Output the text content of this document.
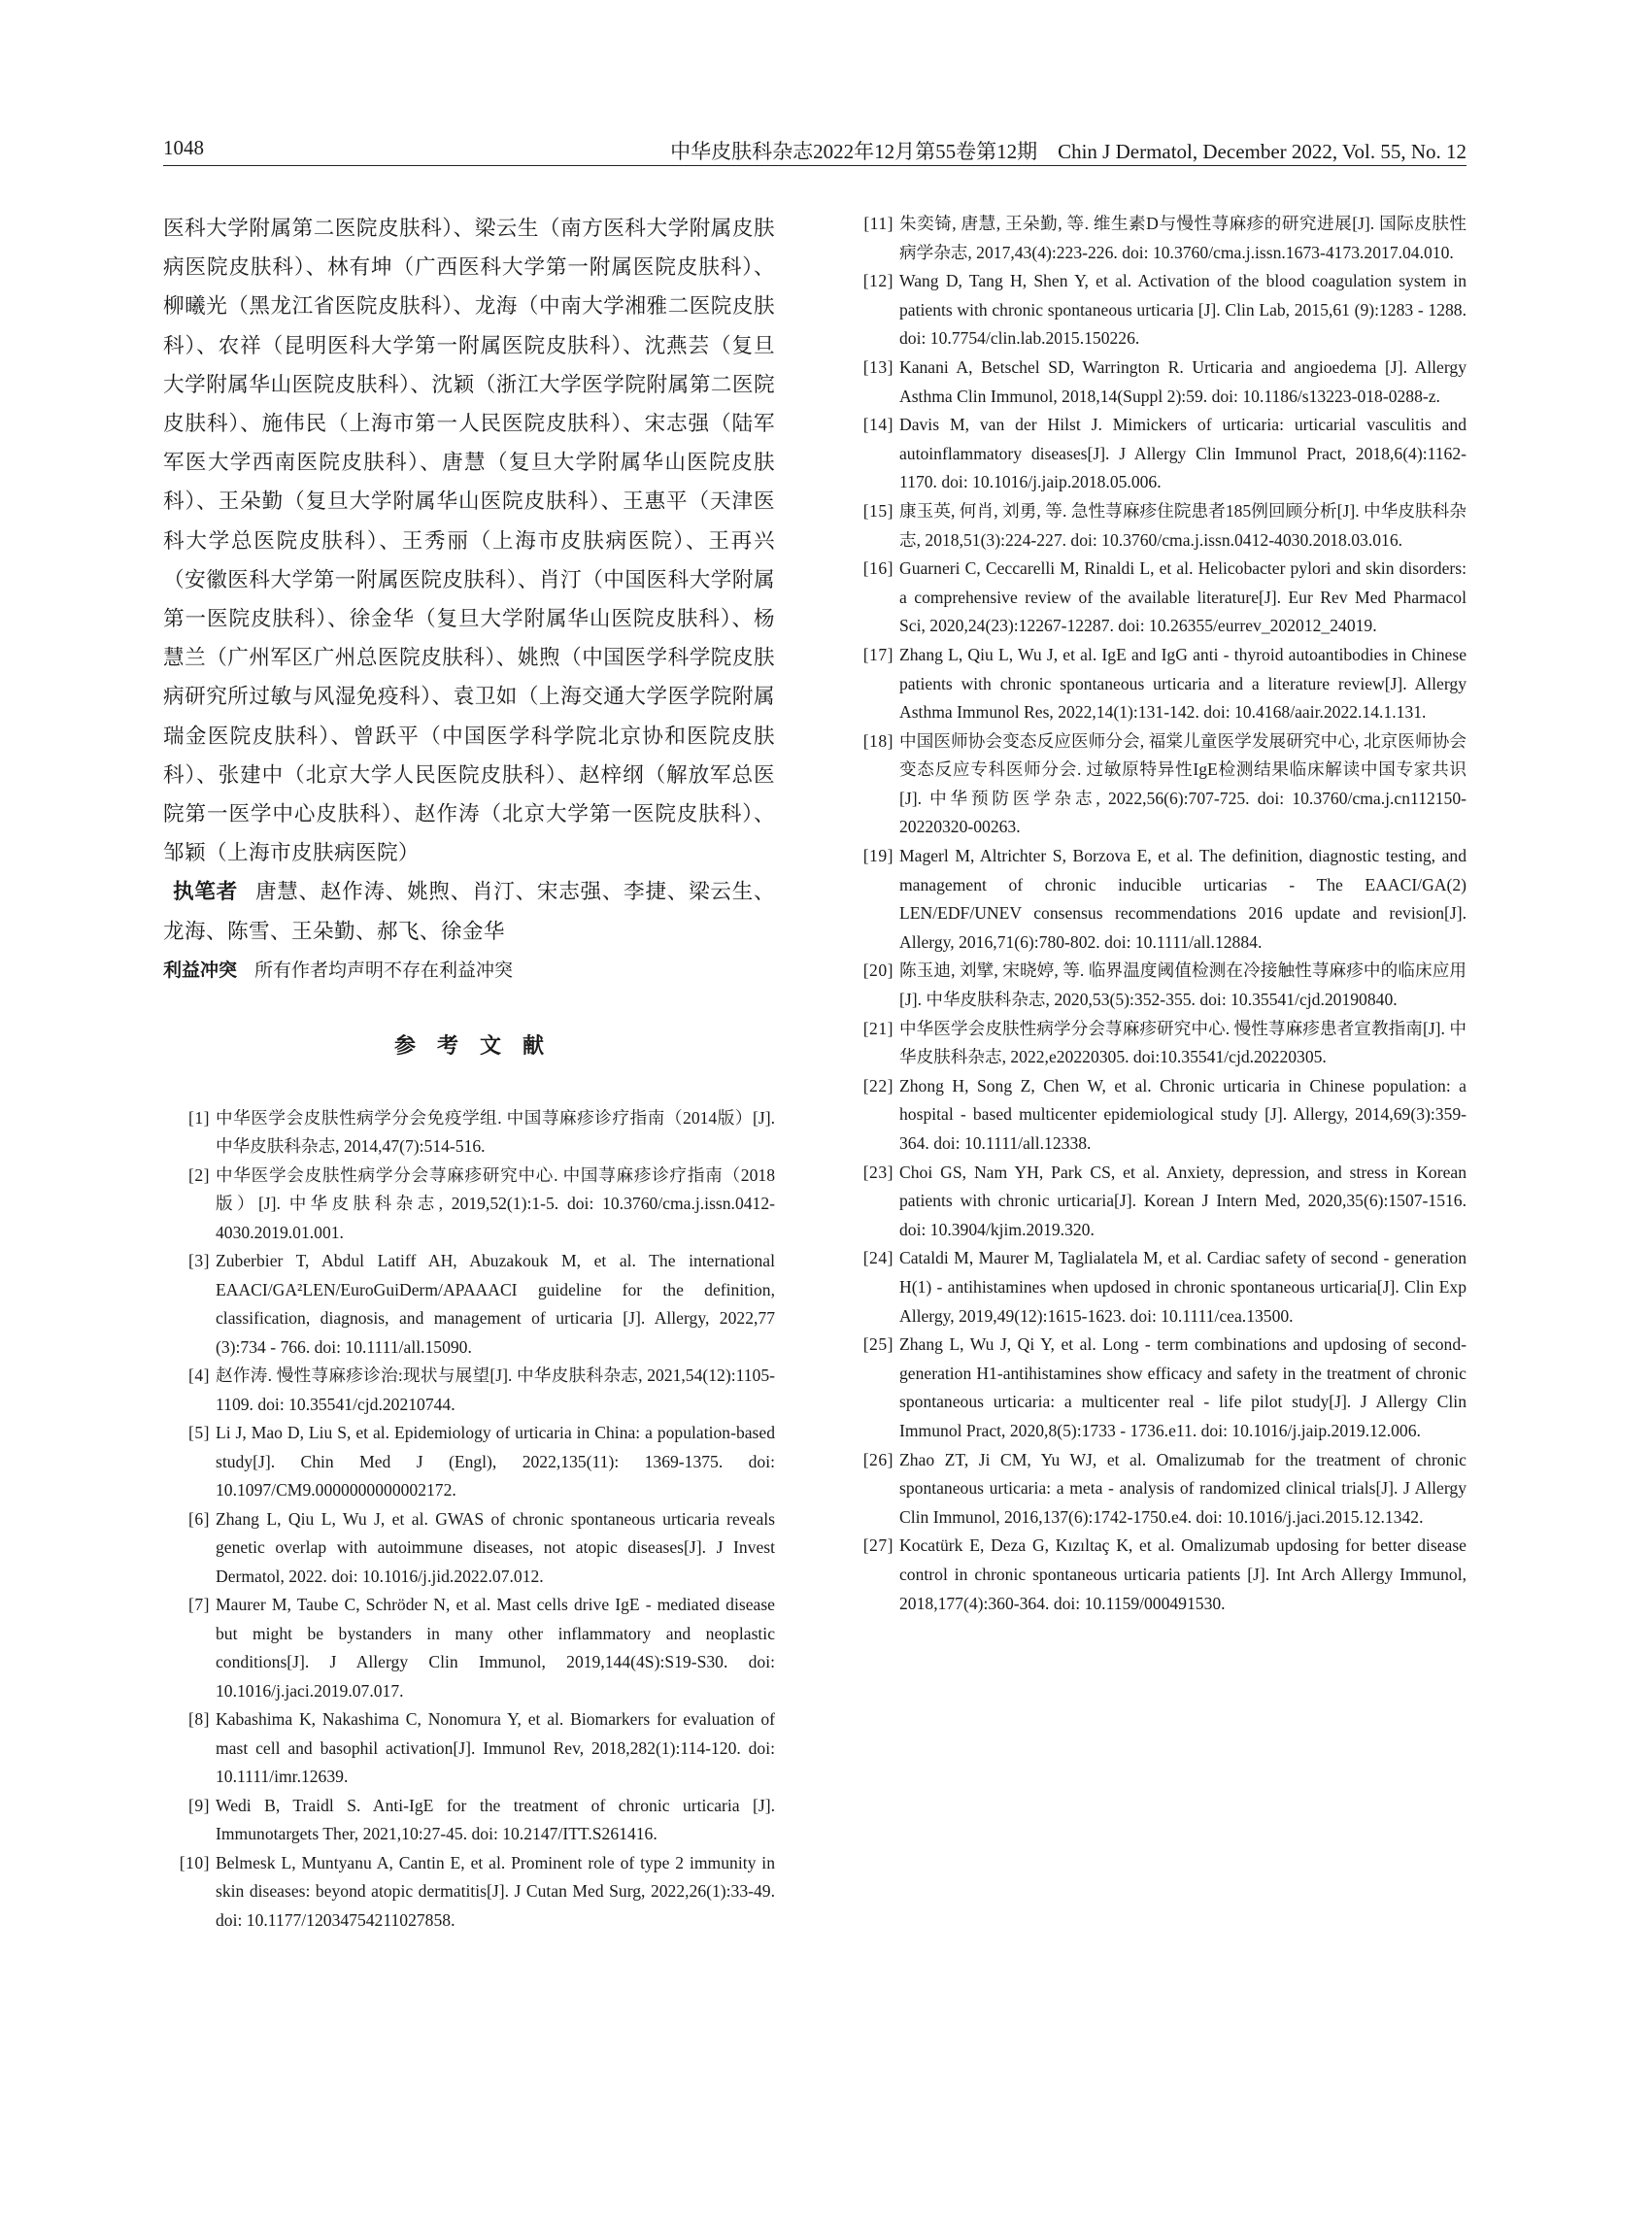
1048	中华皮肤科杂志2022年12月第55卷第12期　Chin J Dermatol, December 2022, Vol. 55, No. 12

医科大学附属第二医院皮肤科）、梁云生（南方医科大学附属皮肤病医院皮肤科）、林有坤（广西医科大学第一附属医院皮肤科）、柳曦光（黑龙江省医院皮肤科）、龙海（中南大学湘雅二医院皮肤科）、农祥（昆明医科大学第一附属医院皮肤科）、沈燕芸（复旦大学附属华山医院皮肤科）、沈颖（浙江大学医学院附属第二医院皮肤科）、施伟民（上海市第一人民医院皮肤科）、宋志强（陆军军医大学西南医院皮肤科）、唐慧（复旦大学附属华山医院皮肤科）、王朵勤（复旦大学附属华山医院皮肤科）、王惠平（天津医科大学总医院皮肤科）、王秀丽（上海市皮肤病医院）、王再兴（安徽医科大学第一附属医院皮肤科）、肖汀（中国医科大学附属第一医院皮肤科）、徐金华（复旦大学附属华山医院皮肤科）、杨慧兰（广州军区广州总医院皮肤科）、姚煦（中国医学科学院皮肤病研究所过敏与风湿免疫科）、袁卫如（上海交通大学医学院附属瑞金医院皮肤科）、曾跃平（中国医学科学院北京协和医院皮肤科）、张建中（北京大学人民医院皮肤科）、赵梓纲（解放军总医院第一医学中心皮肤科）、赵作涛（北京大学第一医院皮肤科）、邹颖（上海市皮肤病医院）

执笔者 唐慧、赵作涛、姚煦、肖汀、宋志强、李捷、梁云生、龙海、陈雪、王朵勤、郝飞、徐金华

利益冲突 所有作者均声明不存在利益冲突

参考文献
[1] 中华医学会皮肤性病学分会免疫学组. 中国荨麻疹诊疗指南（2014版）[J]. 中华皮肤科杂志, 2014,47(7):514-516.
[2] 中华医学会皮肤性病学分会荨麻疹研究中心. 中国荨麻疹诊疗指南（2018版）[J]. 中华皮肤科杂志, 2019,52(1):1-5. doi: 10.3760/cma.j.issn.0412-4030.2019.01.001.
[3] Zuberbier T, Abdul Latiff AH, Abuzakouk M, et al. The international EAACI/GA²LEN/EuroGuiDerm/APAAACI guideline for the definition, classification, diagnosis, and management of urticaria [J]. Allergy, 2022,77 (3):734 - 766. doi: 10.1111/all.15090.
[4] 赵作涛. 慢性荨麻疹诊治:现状与展望[J]. 中华皮肤科杂志, 2021,54(12):1105-1109. doi: 10.35541/cjd.20210744.
[5] Li J, Mao D, Liu S, et al. Epidemiology of urticaria in China: a population-based study[J]. Chin Med J (Engl), 2022,135(11): 1369-1375. doi: 10.1097/CM9.0000000000002172.
[6] Zhang L, Qiu L, Wu J, et al. GWAS of chronic spontaneous urticaria reveals genetic overlap with autoimmune diseases, not atopic diseases[J]. J Invest Dermatol, 2022. doi: 10.1016/j.jid.2022.07.012.
[7] Maurer M, Taube C, Schröder N, et al. Mast cells drive IgE - mediated disease but might be bystanders in many other inflammatory and neoplastic conditions[J]. J Allergy Clin Immunol, 2019,144(4S):S19-S30. doi: 10.1016/j.jaci.2019.07.017.
[8] Kabashima K, Nakashima C, Nonomura Y, et al. Biomarkers for evaluation of mast cell and basophil activation[J]. Immunol Rev, 2018,282(1):114-120. doi: 10.1111/imr.12639.
[9] Wedi B, Traidl S. Anti-IgE for the treatment of chronic urticaria [J]. Immunotargets Ther, 2021,10:27-45. doi: 10.2147/ITT.S261416.
[10] Belmesk L, Muntyanu A, Cantin E, et al. Prominent role of type 2 immunity in skin diseases: beyond atopic dermatitis[J]. J Cutan Med Surg, 2022,26(1):33-49. doi: 10.1177/12034754211027858.
[11] 朱奕锜, 唐慧, 王朵勤, 等. 维生素D与慢性荨麻疹的研究进展[J]. 国际皮肤性病学杂志, 2017,43(4):223-226. doi: 10.3760/cma.j.issn.1673-4173.2017.04.010.
[12] Wang D, Tang H, Shen Y, et al. Activation of the blood coagulation system in patients with chronic spontaneous urticaria [J]. Clin Lab, 2015,61 (9):1283 - 1288. doi: 10.7754/clin.lab.2015.150226.
[13] Kanani A, Betschel SD, Warrington R. Urticaria and angioedema [J]. Allergy Asthma Clin Immunol, 2018,14(Suppl 2):59. doi: 10.1186/s13223-018-0288-z.
[14] Davis M, van der Hilst J. Mimickers of urticaria: urticarial vasculitis and autoinflammatory diseases[J]. J Allergy Clin Immunol Pract, 2018,6(4):1162-1170. doi: 10.1016/j.jaip.2018.05.006.
[15] 康玉英, 何肖, 刘勇, 等. 急性荨麻疹住院患者185例回顾分析[J]. 中华皮肤科杂志, 2018,51(3):224-227. doi: 10.3760/cma.j.issn.0412-4030.2018.03.016.
[16] Guarneri C, Ceccarelli M, Rinaldi L, et al. Helicobacter pylori and skin disorders: a comprehensive review of the available literature[J]. Eur Rev Med Pharmacol Sci, 2020,24(23):12267-12287. doi: 10.26355/eurrev_202012_24019.
[17] Zhang L, Qiu L, Wu J, et al. IgE and IgG anti - thyroid autoantibodies in Chinese patients with chronic spontaneous urticaria and a literature review[J]. Allergy Asthma Immunol Res, 2022,14(1):131-142. doi: 10.4168/aair.2022.14.1.131.
[18] 中国医师协会变态反应医师分会, 福棠儿童医学发展研究中心, 北京医师协会变态反应专科医师分会. 过敏原特异性IgE检测结果临床解读中国专家共识[J]. 中华预防医学杂志, 2022,56(6):707-725. doi: 10.3760/cma.j.cn112150-20220320-00263.
[19] Magerl M, Altrichter S, Borzova E, et al. The definition, diagnostic testing, and management of chronic inducible urticarias - The EAACI/GA(2) LEN/EDF/UNEV consensus recommendations 2016 update and revision[J]. Allergy, 2016,71(6):780-802. doi: 10.1111/all.12884.
[20] 陈玉迪, 刘擘, 宋晓婷, 等. 临界温度阈值检测在冷接触性荨麻疹中的临床应用[J]. 中华皮肤科杂志, 2020,53(5):352-355. doi: 10.35541/cjd.20190840.
[21] 中华医学会皮肤性病学分会荨麻疹研究中心. 慢性荨麻疹患者宣教指南[J]. 中华皮肤科杂志, 2022,e20220305. doi:10.35541/cjd.20220305.
[22] Zhong H, Song Z, Chen W, et al. Chronic urticaria in Chinese population: a hospital - based multicenter epidemiological study [J]. Allergy, 2014,69(3):359-364. doi: 10.1111/all.12338.
[23] Choi GS, Nam YH, Park CS, et al. Anxiety, depression, and stress in Korean patients with chronic urticaria[J]. Korean J Intern Med, 2020,35(6):1507-1516. doi: 10.3904/kjim.2019.320.
[24] Cataldi M, Maurer M, Taglialatela M, et al. Cardiac safety of second - generation H(1) - antihistamines when updosed in chronic spontaneous urticaria[J]. Clin Exp Allergy, 2019,49(12):1615-1623. doi: 10.1111/cea.13500.
[25] Zhang L, Wu J, Qi Y, et al. Long - term combinations and updosing of second-generation H1-antihistamines show efficacy and safety in the treatment of chronic spontaneous urticaria: a multicenter real - life pilot study[J]. J Allergy Clin Immunol Pract, 2020,8(5):1733 - 1736.e11. doi: 10.1016/j.jaip.2019.12.006.
[26] Zhao ZT, Ji CM, Yu WJ, et al. Omalizumab for the treatment of chronic spontaneous urticaria: a meta - analysis of randomized clinical trials[J]. J Allergy Clin Immunol, 2016,137(6):1742-1750.e4. doi: 10.1016/j.jaci.2015.12.1342.
[27] Kocatürk E, Deza G, Kızıltaç K, et al. Omalizumab updosing for better disease control in chronic spontaneous urticaria patients [J]. Int Arch Allergy Immunol, 2018,177(4):360-364. doi: 10.1159/000491530.
